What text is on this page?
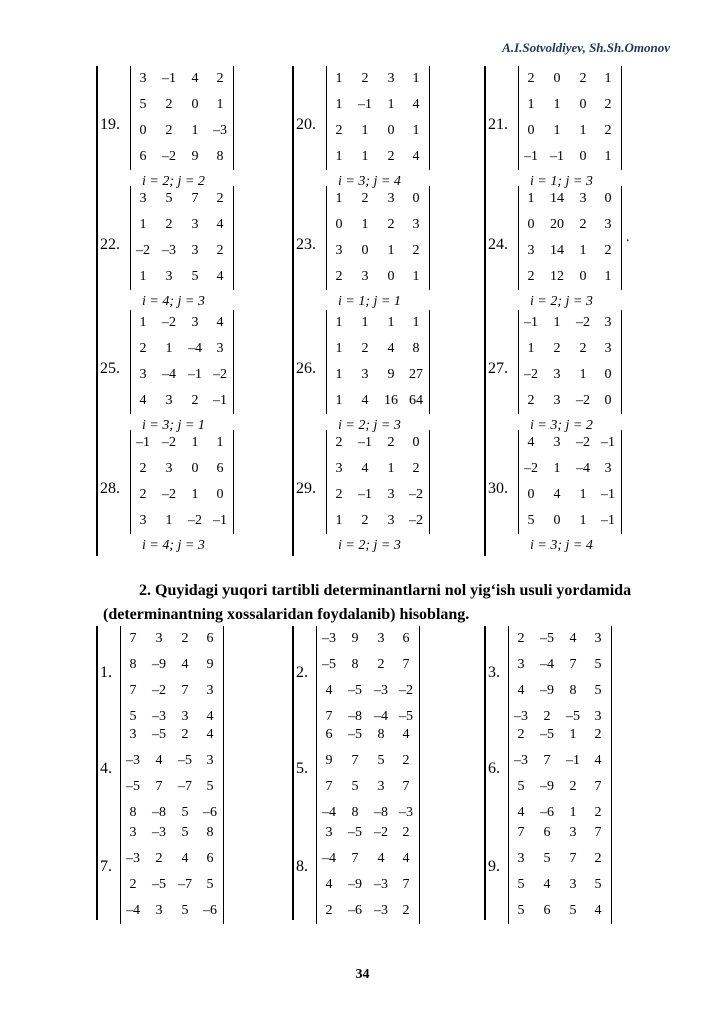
A.I.Sotvoldiyev, Sh.Sh.Omonov
19.
3	–1	4	2
5	2	0	1
0	2	1	–3
6	–2	9	8
i = 2; j = 2
20.
1	2	3	1
1	–1	1	4
2	1	0	1
1	1	2	4
i = 3; j = 4
21.
2	0	2	1
1	1	0	2
0	1	1	2
–1 –1	0	1
i = 1; j = 3
22.
3	5	7	2
1	2	3	4
–2 –3	3	2
1	3	5	4
i = 4; j = 3
23.
1	2	3	0
0	1	2	3
3	0	1	2
2	3	0	1
i = 1; j = 1
24.
1	14	3	0
0	20	2	3
3	14	1	2
2	12	0	1
.
i = 2; j = 3
25.
1	–2	3	4
2	1	–4	3
3	–4 –1 –2
4	3	2	–1
i = 3; j = 1
26.
1	1	1	1
1	2	4	8
1	3	9	27
1	4	16 64
i = 2; j = 3
27.
–1	1	–2	3
1	2	2	3
–2	3	1	0
2	3	–2	0
i = 3; j = 2
28.
–1 –2	1	1
2	3	0	6
2	–2	1	0
3	1	–2 –1
i = 4; j = 3
29.
2	–1	2	0
3	4	1	2
2	–1	3	–2
1	2	3	–2
i = 2; j = 3
30.
4	3	–2 –1
–2	1	–4	3
0	4	1	–1
5	0	1	–1
i = 3; j = 4
2. Quyidagi yuqori tartibli determinantlarni nol yig‘ish usuli yordamida (determinantning xossalaridan foydalanib) hisoblang.
1.
7	3	2	6
8	–9	4	9
7	–2	7	3
5	–3	3	4
2.
–3	9	3	6
–5	8	2	7
4	–5 –3 –2
7	–8 –4 –5
3.
2	–5	4	3
3	–4	7	5
4	–9	8	5
–3	2	–5	3
4.
3	–5	2	4
–3	4	–5	3
–5	7	–7	5
8	–8	5	–6
5.
6	–5	8	4
9	7	5	2
7	5	3	7
–4	8	–8 –3
6.
2	–5	1	2
–3	7	–1	4
5	–9	2	7
4	–6	1	2
7.
3	–3	5	8
–3	2	4	6
2	–5 –7	5
–4	3	5	–6
8.
3	–5 –2	2
–4	7	4	4
4	–9 –3	7
2	–6 –3	2
9.
7	6	3	7
3	5	7	2
5	4	3	5
5	6	5	4
34
